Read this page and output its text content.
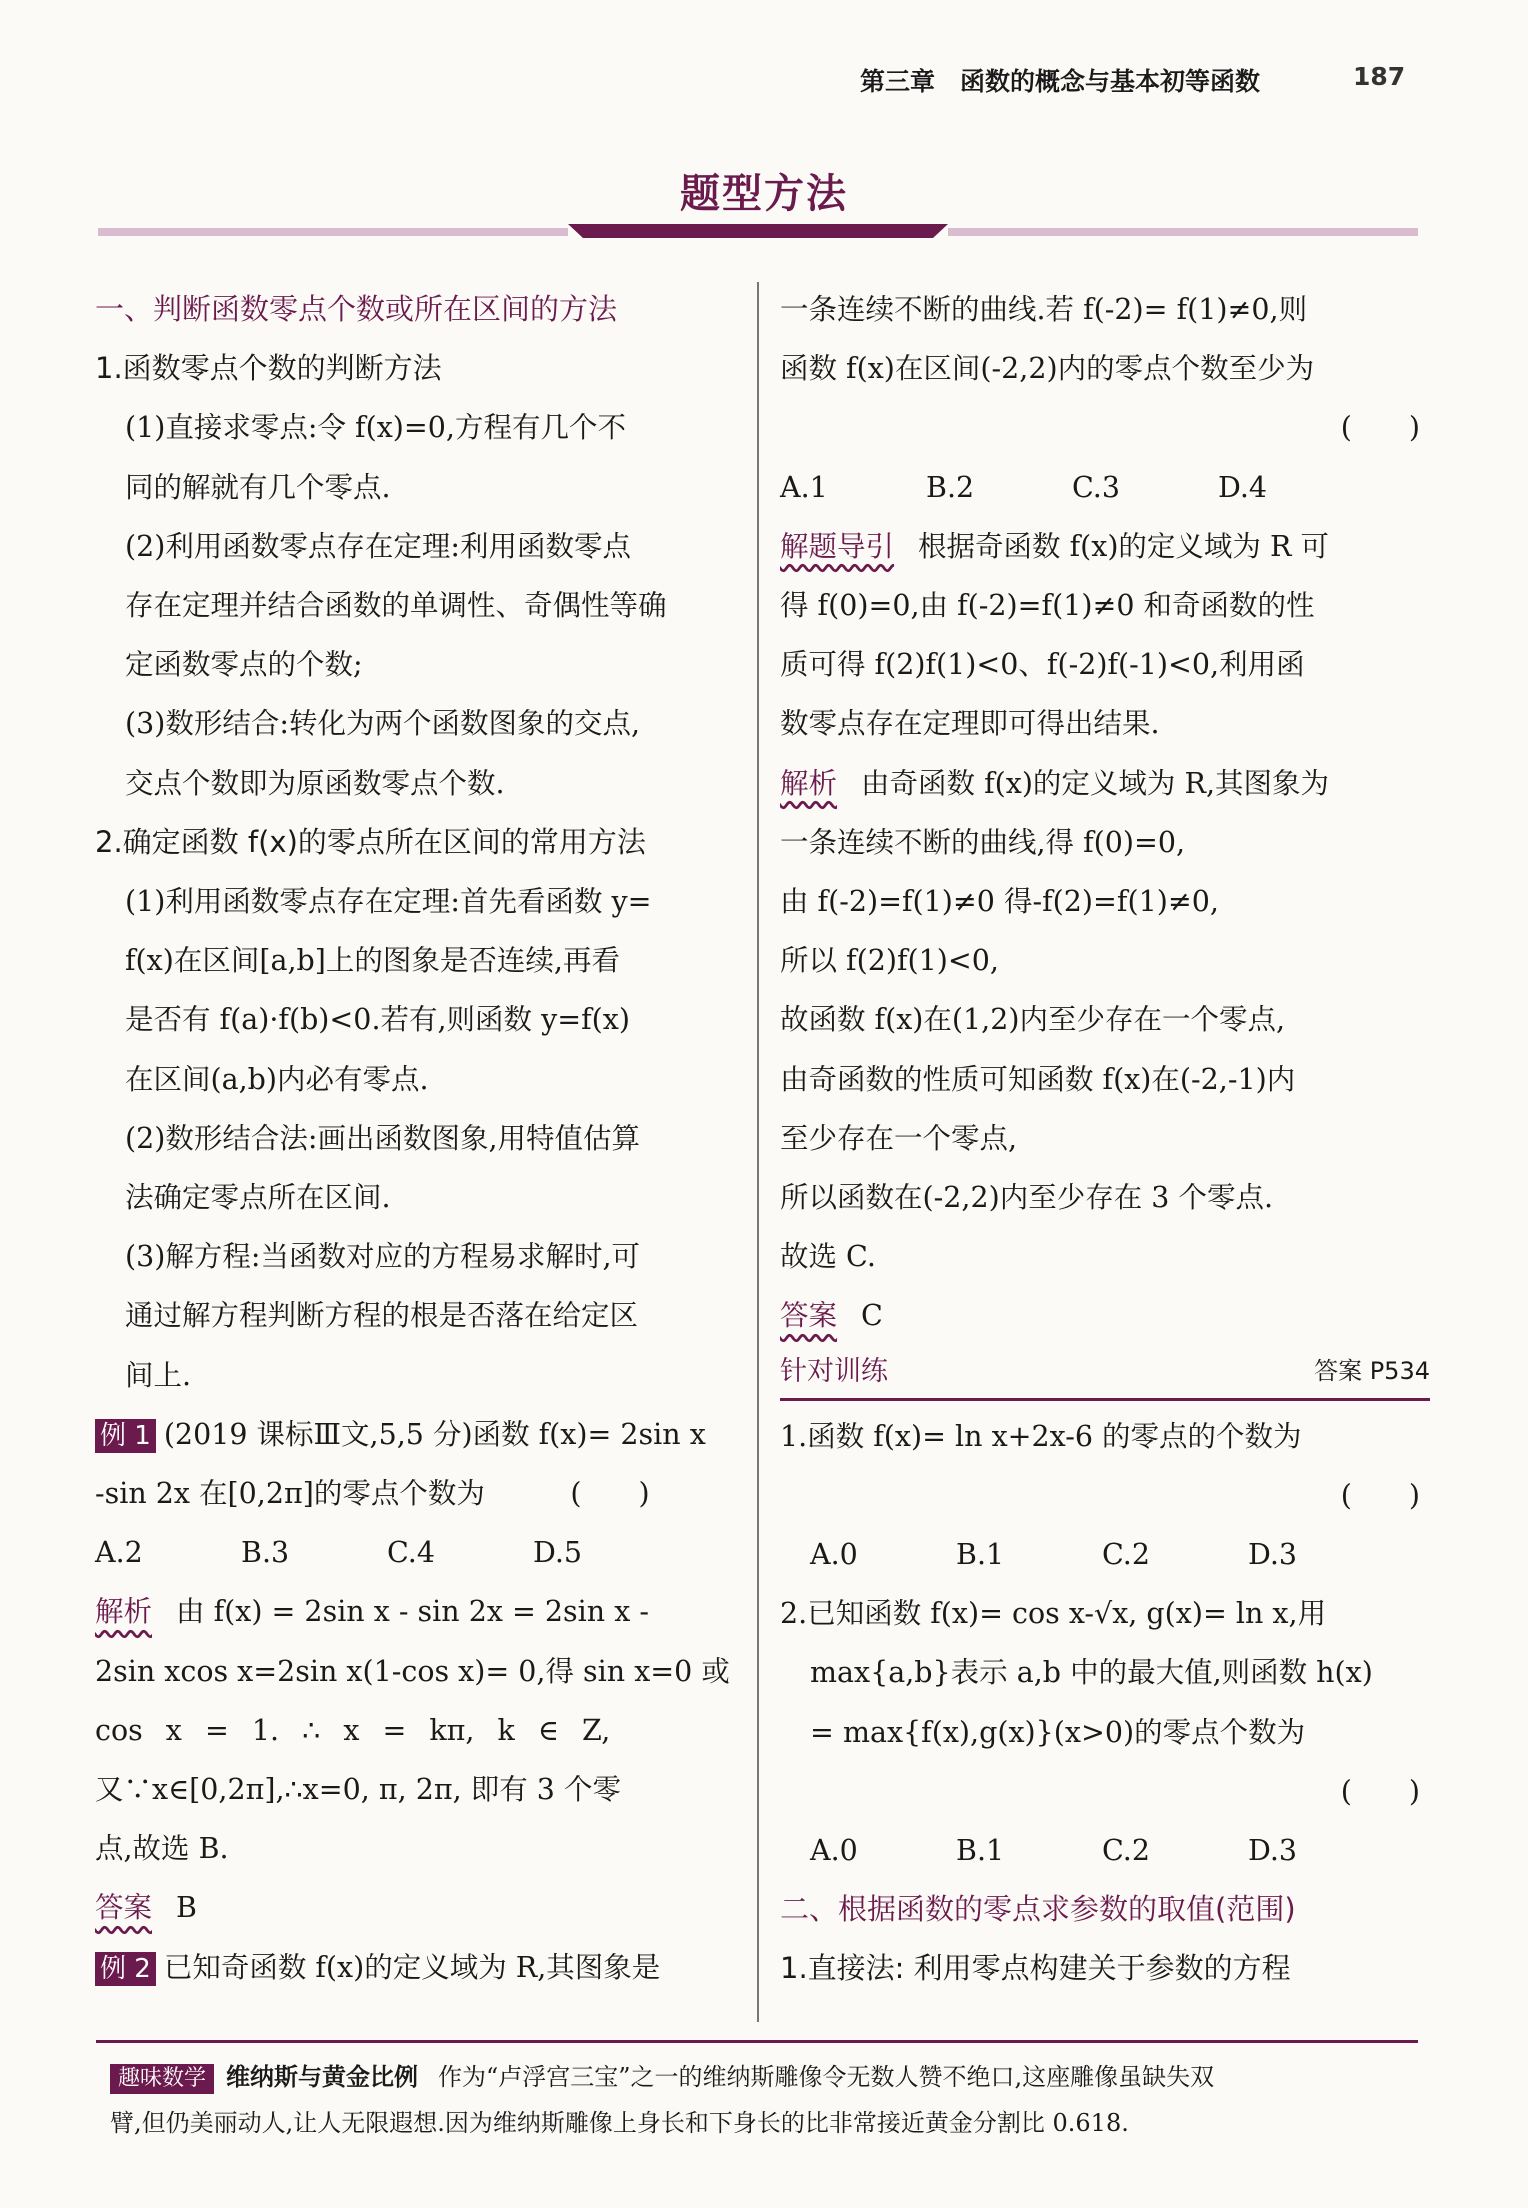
第三章　函数的概念与基本初等函数	187
题型方法

一、判断函数零点个数或所在区间的方法

1.函数零点个数的判断方法

(1)直接求零点:令 f(x)=0,方程有几个不

同的解就有几个零点.

(2)利用函数零点存在定理:利用函数零点

存在定理并结合函数的单调性、奇偶性等确

定函数零点的个数;

(3)数形结合:转化为两个函数图象的交点,

交点个数即为原函数零点个数.

2.确定函数 f(x)的零点所在区间的常用方法

(1)利用函数零点存在定理:首先看函数 y=

f(x)在区间[a,b]上的图象是否连续,再看

是否有 f(a)·f(b)<0.若有,则函数 y=f(x)

在区间(a,b)内必有零点.

(2)数形结合法:画出函数图象,用特值估算

法确定零点所在区间.

(3)解方程:当函数对应的方程易求解时,可

通过解方程判断方程的根是否落在给定区

间上.

例 1 (2019 课标Ⅲ文,5,5 分)函数 f(x)= 2sin x

-sin 2x 在[0,2π]的零点个数为　　　(　　)

A.2	B.3	C.4	D.5

解析 由 f(x) = 2sin x - sin 2x = 2sin x -

2sin xcos x=2sin x(1-cos x)= 0,得 sin x=0 或

cos x = 1. ∴ x = kπ, k ∈ Z,

又∵x∈[0,2π],∴x=0, π, 2π, 即有 3 个零

点,故选 B.

答案 B

例 2 已知奇函数 f(x)的定义域为 R,其图象是

一条连续不断的曲线.若 f(-2)= f(1)≠0,则

函数 f(x)在区间(-2,2)内的零点个数至少为

(　　)

A.1	B.2	C.3	D.4

解题导引 根据奇函数 f(x)的定义域为 R 可

得 f(0)=0,由 f(-2)=f(1)≠0 和奇函数的性

质可得 f(2)f(1)<0、f(-2)f(-1)<0,利用函

数零点存在定理即可得出结果.

解析 由奇函数 f(x)的定义域为 R,其图象为

一条连续不断的曲线,得 f(0)=0,

由 f(-2)=f(1)≠0 得-f(2)=f(1)≠0,

所以 f(2)f(1)<0,

故函数 f(x)在(1,2)内至少存在一个零点,

由奇函数的性质可知函数 f(x)在(-2,-1)内

至少存在一个零点,

所以函数在(-2,2)内至少存在 3 个零点.

故选 C.

答案 C

针对训练	答案 P534

1.函数 f(x)= ln x+2x-6 的零点的个数为

(　　)

A.0	B.1	C.2	D.3

2.已知函数 f(x)= cos x-√x, g(x)= ln x,用

max{a,b}表示 a,b 中的最大值,则函数 h(x)

= max{f(x),g(x)}(x>0)的零点个数为

(　　)

A.0	B.1	C.2	D.3

二、根据函数的零点求参数的取值(范围)

1.直接法: 利用零点构建关于参数的方程

趣味数学 维纳斯与黄金比例 作为“卢浮宫三宝”之一的维纳斯雕像令无数人赞不绝口,这座雕像虽缺失双
臂,但仍美丽动人,让人无限遐想.因为维纳斯雕像上身长和下身长的比非常接近黄金分割比 0.618.
